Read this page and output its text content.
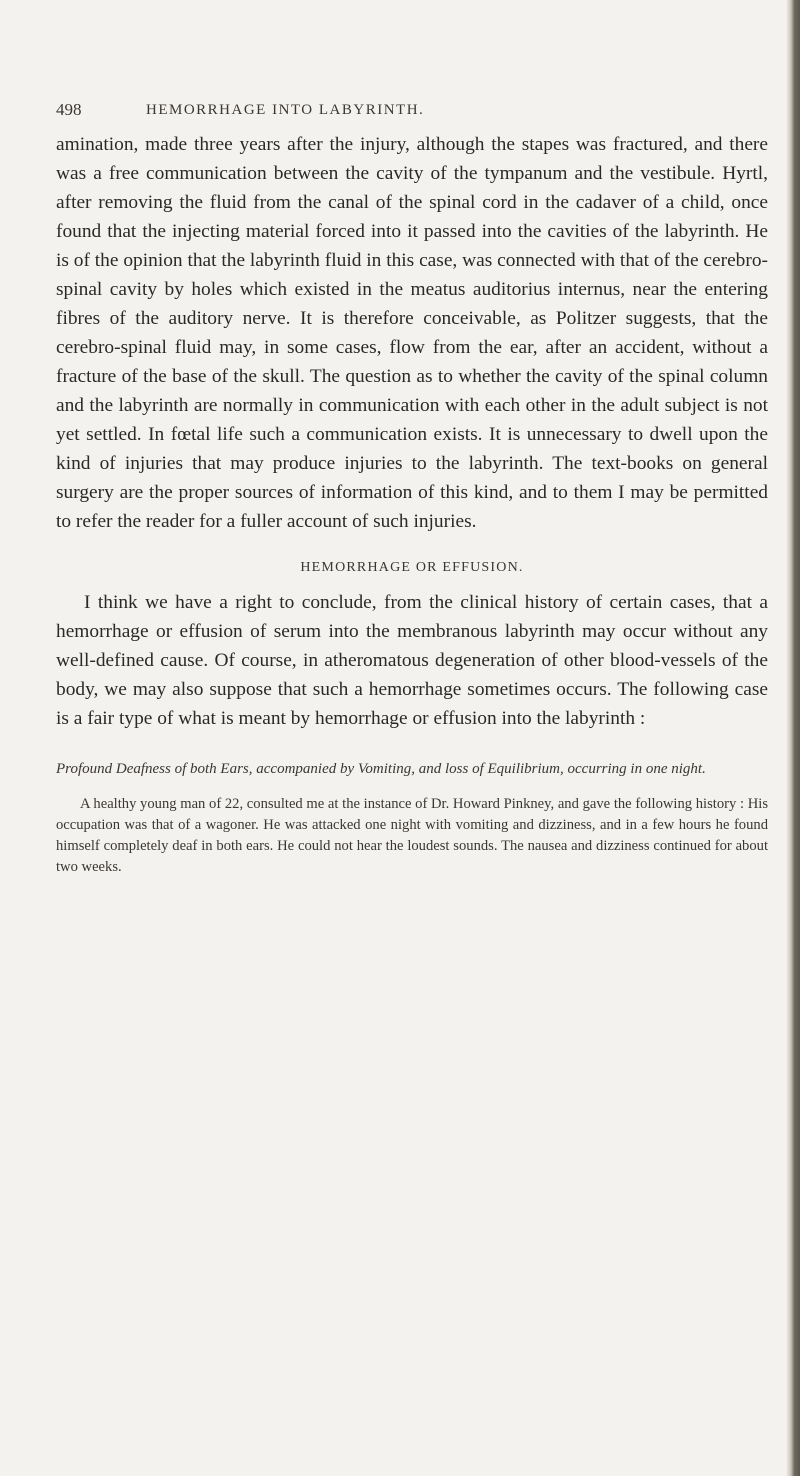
498	HEMORRHAGE INTO LABYRINTH.

amination, made three years after the injury, although the stapes was fractured, and there was a free communication between the cavity of the tympanum and the vestibule. Hyrtl, after removing the fluid from the canal of the spinal cord in the cadaver of a child, once found that the injecting material forced into it passed into the cavities of the labyrinth. He is of the opinion that the labyrinth fluid in this case, was connected with that of the cerebro-spinal cavity by holes which existed in the meatus auditorius internus, near the entering fibres of the auditory nerve. It is therefore conceivable, as Politzer suggests, that the cerebro-spinal fluid may, in some cases, flow from the ear, after an accident, without a fracture of the base of the skull. The question as to whether the cavity of the spinal column and the labyrinth are normally in communication with each other in the adult subject is not yet settled. In fœtal life such a communication exists. It is unnecessary to dwell upon the kind of injuries that may produce injuries to the labyrinth. The text-books on general surgery are the proper sources of information of this kind, and to them I may be permitted to refer the reader for a fuller account of such injuries.

HEMORRHAGE OR EFFUSION.

I think we have a right to conclude, from the clinical history of certain cases, that a hemorrhage or effusion of serum into the membranous labyrinth may occur without any well-defined cause. Of course, in atheromatous degeneration of other blood-vessels of the body, we may also suppose that such a hemorrhage sometimes occurs. The following case is a fair type of what is meant by hemorrhage or effusion into the labyrinth :

Profound Deafness of both Ears, accompanied by Vomiting, and loss of Equilibrium, occurring in one night.
A healthy young man of 22, consulted me at the instance of Dr. Howard Pinkney, and gave the following history : His occupation was that of a wagoner. He was attacked one night with vomiting and dizziness, and in a few hours he found himself completely deaf in both ears. He could not hear the loudest sounds. The nausea and dizziness continued for about two weeks.
